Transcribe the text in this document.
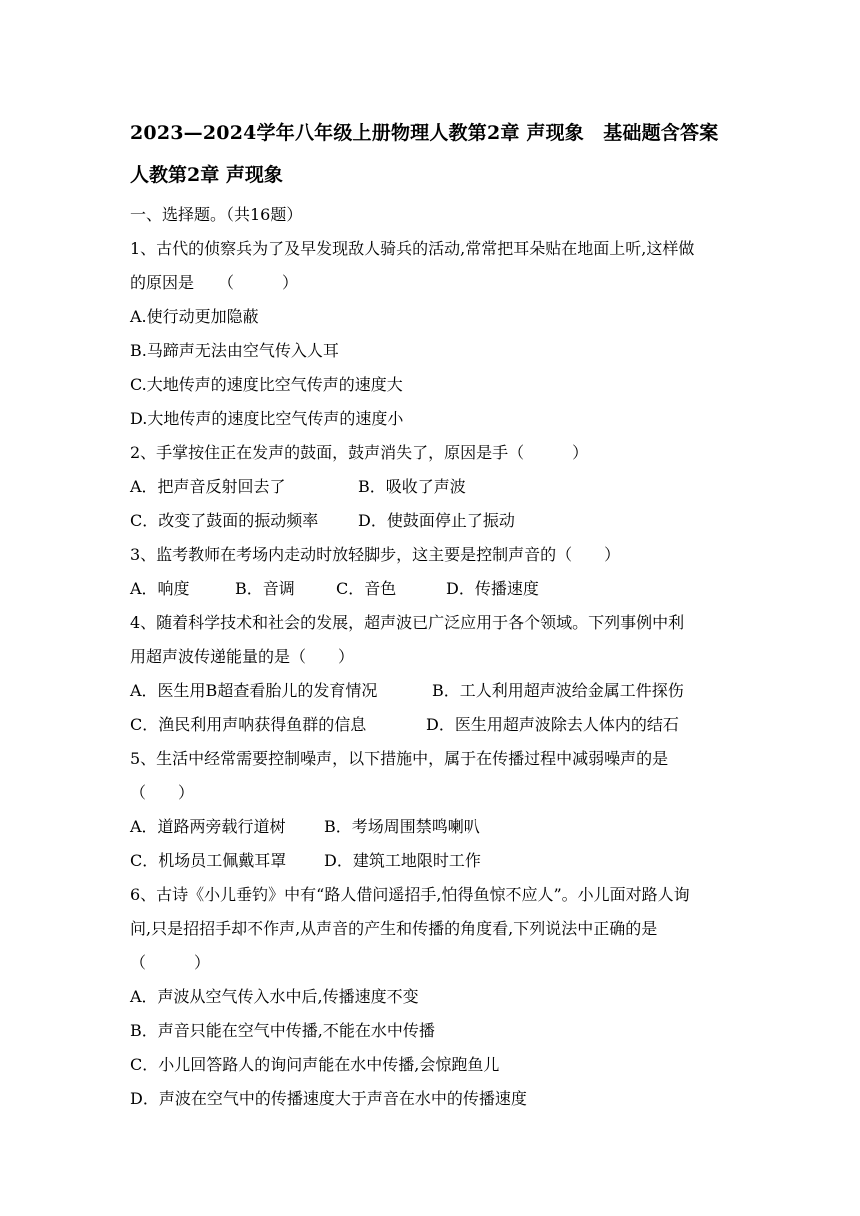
2023—2024学年八年级上册物理人教第2章 声现象　基础题含答案
人教第2章 声现象
一、选择题。（共16题）
1、古代的侦察兵为了及早发现敌人骑兵的活动,常常把耳朵贴在地面上听,这样做
的原因是　　（　　　）
A.使行动更加隐蔽
B.马蹄声无法由空气传入人耳
C.大地传声的速度比空气传声的速度大
D.大地传声的速度比空气传声的速度小
2、手掌按住正在发声的鼓面，鼓声消失了，原因是手（　　　）
A．把声音反射回去了	B．吸收了声波
C．改变了鼓面的振动频率	D．使鼓面停止了振动
3、监考教师在考场内走动时放轻脚步，这主要是控制声音的（　　）
A．响度	B．音调	C．音色	D．传播速度
4、随着科学技术和社会的发展，超声波已广泛应用于各个领域。下列事例中利
用超声波传递能量的是（　　）
A．医生用B超查看胎儿的发育情况	B．工人利用超声波给金属工件探伤
C．渔民利用声呐获得鱼群的信息	D．医生用超声波除去人体内的结石
5、生活中经常需要控制噪声，以下措施中，属于在传播过程中减弱噪声的是
（　　）
A．道路两旁载行道树	B．考场周围禁鸣喇叭
C．机场员工佩戴耳罩	D．建筑工地限时工作
6、古诗《小儿垂钓》中有“路人借问遥招手,怕得鱼惊不应人”。小儿面对路人询
问,只是招招手却不作声,从声音的产生和传播的角度看,下列说法中正确的是
（　　　）
A．声波从空气传入水中后,传播速度不变
B．声音只能在空气中传播,不能在水中传播
C．小儿回答路人的询问声能在水中传播,会惊跑鱼儿
D．声波在空气中的传播速度大于声音在水中的传播速度
